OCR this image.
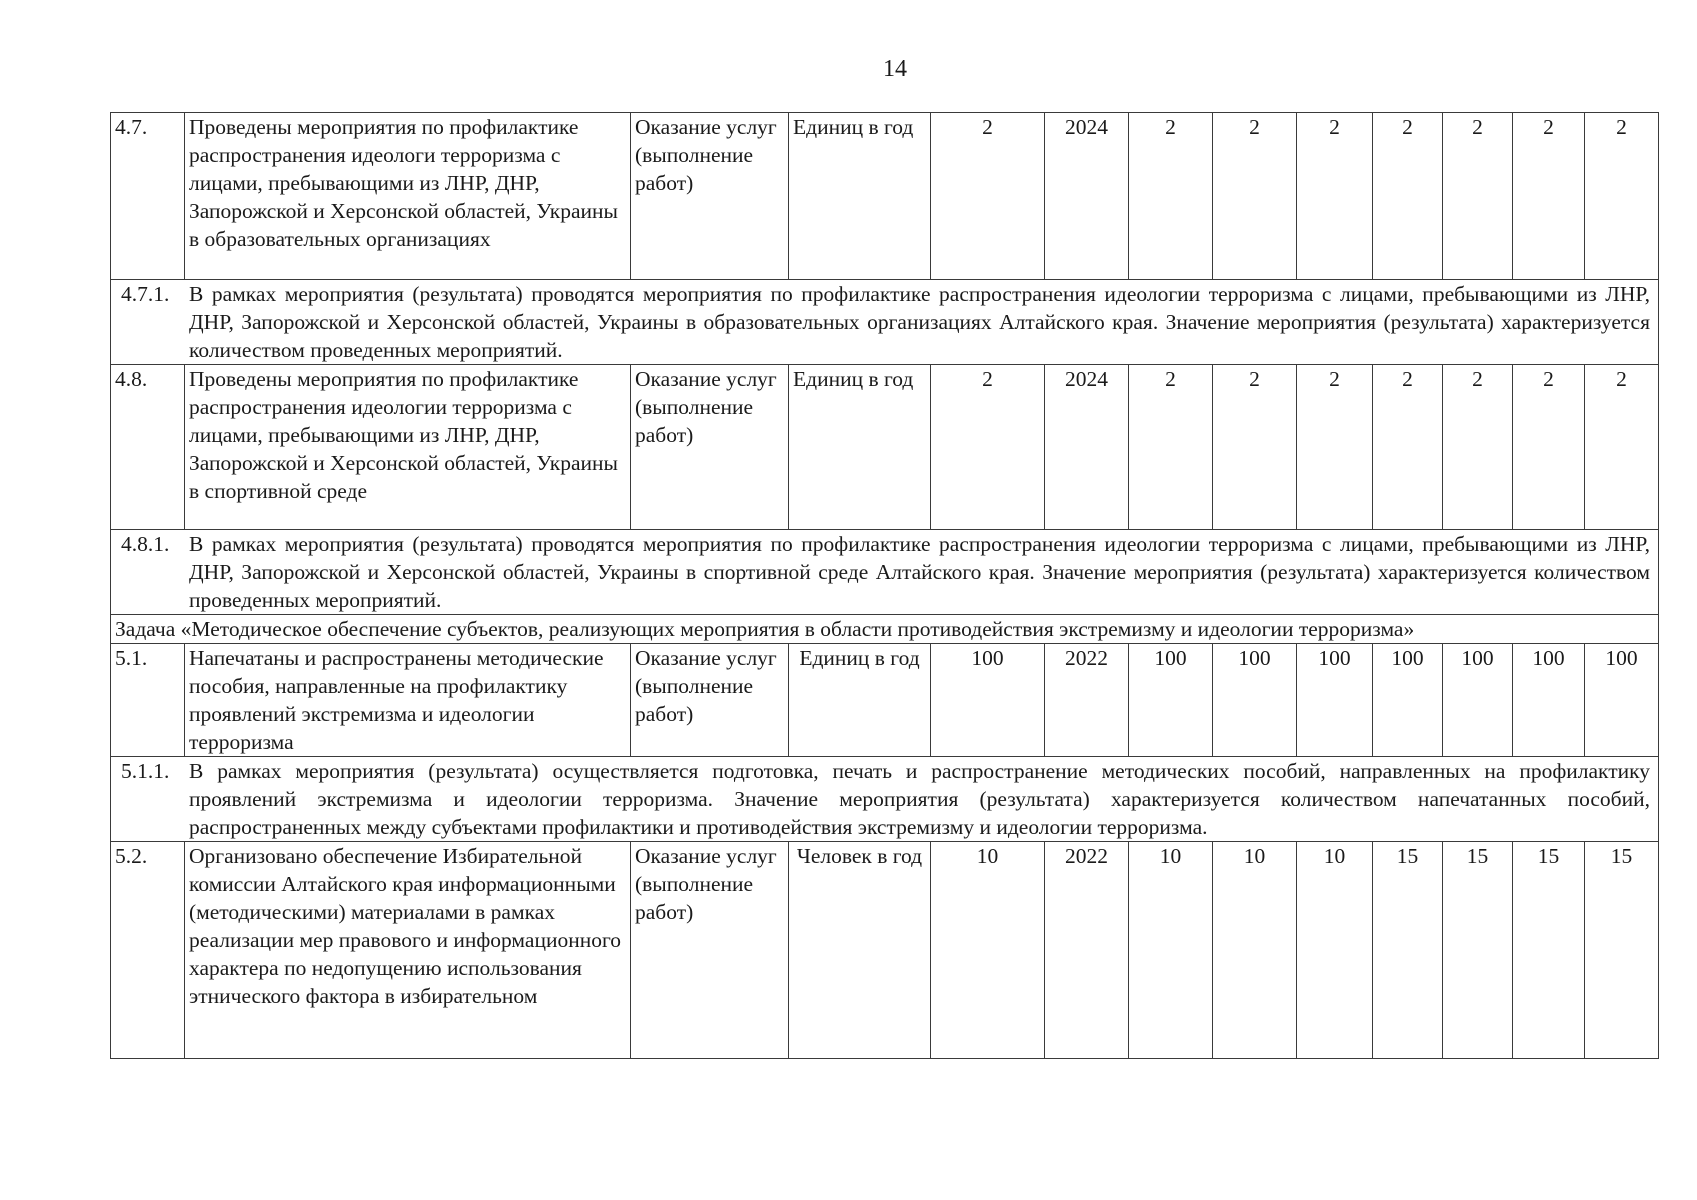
14
4.7.	Проведены мероприятия по профилактике распространения идеологи терроризма с лицами, пребывающими из ЛНР, ДНР, Запорожской и Херсонской областей, Украины в образовательных организациях	Оказание услуг (выполнение работ)	Единиц в год	2	2024	2	2	2	2	2	2	2

4.7.1. В рамках мероприятия (результата) проводятся мероприятия по профилактике распространения идеологии терроризма с лицами, пребывающими из ЛНР, ДНР, Запорожской и Херсонской областей, Украины в образовательных организациях Алтайского края. Значение мероприятия (результата) характеризуется количеством проведенных мероприятий.												

4.8.	Проведены мероприятия по профилактике распространения идеологии терроризма с лицами, пребывающими из ЛНР, ДНР, Запорожской и Херсонской областей, Украины в спортивной среде	Оказание услуг (выполнение работ)	Единиц в год	2	2024	2	2	2	2	2	2	2

4.8.1. В рамках мероприятия (результата) проводятся мероприятия по профилактике распространения идеологии терроризма с лицами, пребывающими из ЛНР, ДНР, Запорожской и Херсонской областей, Украины в спортивной среде Алтайского края. Значение мероприятия (результата) характеризуется количеством проведенных мероприятий.												

Задача «Методическое обеспечение субъектов, реализующих мероприятия в области противодействия экстремизму и идеологии терроризма»												
5.1.	Напечатаны и распространены методические пособия, направленные на профилактику проявлений экстремизма и идеологии терроризма	Оказание услуг (выполнение работ)	Единиц в год	100	2022	100	100	100	100	100	100	100

5.1.1. В рамках мероприятия (результата) осуществляется подготовка, печать и распространение методических пособий, направленных на профилактику проявлений экстремизма и идеологии терроризма. Значение мероприятия (результата) характеризуется количеством напечатанных пособий, распространенных между субъектами профилактики и противодействия экстремизму и идеологии терроризма.												

5.2.	Организовано обеспечение Избирательной комиссии Алтайского края информационными (методическими) материалами в рамках реализации мер правового и информационного характера по недопущению использования этнического фактора в избирательном	Оказание услуг (выполнение работ)	Человек в год	10	2022	10	10	10	15	15	15	15
